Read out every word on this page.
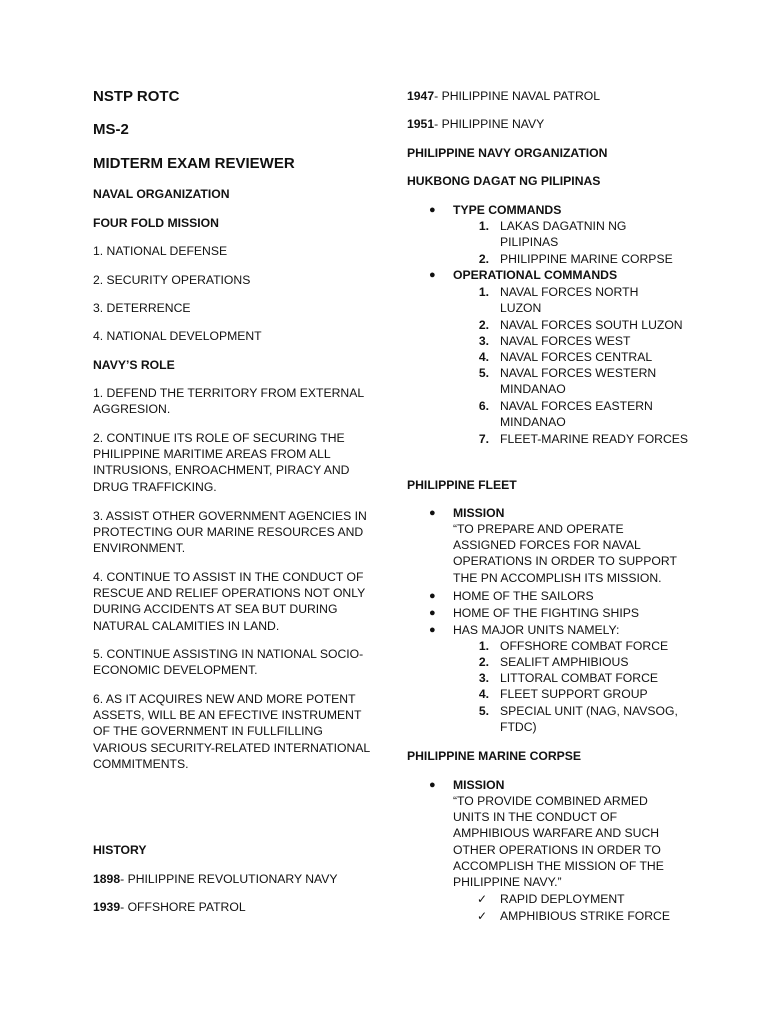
NSTP ROTC
MS-2
MIDTERM EXAM REVIEWER
NAVAL ORGANIZATION
FOUR FOLD MISSION
1. NATIONAL DEFENSE
2. SECURITY OPERATIONS
3. DETERRENCE
4. NATIONAL DEVELOPMENT
NAVY’S ROLE
1. DEFEND THE TERRITORY FROM EXTERNAL
AGGRESION.
2. CONTINUE ITS ROLE OF SECURING THE
PHILIPPINE MARITIME AREAS FROM ALL
INTRUSIONS, ENROACHMENT, PIRACY AND
DRUG TRAFFICKING.
3. ASSIST OTHER GOVERNMENT AGENCIES IN
PROTECTING OUR MARINE RESOURCES AND
ENVIRONMENT.
4. CONTINUE TO ASSIST IN THE CONDUCT OF
RESCUE AND RELIEF OPERATIONS NOT ONLY
DURING ACCIDENTS AT SEA BUT DURING
NATURAL CALAMITIES IN LAND.
5. CONTINUE ASSISTING IN NATIONAL SOCIO-
ECONOMIC DEVELOPMENT.
6. AS IT ACQUIRES NEW AND MORE POTENT
ASSETS, WILL BE AN EFECTIVE INSTRUMENT
OF THE GOVERNMENT IN FULLFILLING
VARIOUS SECURITY-RELATED INTERNATIONAL
COMMITMENTS.
HISTORY
1898- PHILIPPINE REVOLUTIONARY NAVY
1939- OFFSHORE PATROL
1947- PHILIPPINE NAVAL PATROL
1951- PHILIPPINE NAVY
PHILIPPINE NAVY ORGANIZATION
HUKBONG DAGAT NG PILIPINAS
● TYPE COMMANDS
1. LAKAS DAGATNIN NG
PILIPINAS
2. PHILIPPINE MARINE CORPSE
● OPERATIONAL COMMANDS
1. NAVAL FORCES NORTH
LUZON
2. NAVAL FORCES SOUTH LUZON
3. NAVAL FORCES WEST
4. NAVAL FORCES CENTRAL
5. NAVAL FORCES WESTERN
MINDANAO
6. NAVAL FORCES EASTERN
MINDANAO
7. FLEET-MARINE READY FORCES
PHILIPPINE FLEET
● MISSION
“TO PREPARE AND OPERATE
ASSIGNED FORCES FOR NAVAL
OPERATIONS IN ORDER TO SUPPORT
THE PN ACCOMPLISH ITS MISSION.
● HOME OF THE SAILORS
● HOME OF THE FIGHTING SHIPS
● HAS MAJOR UNITS NAMELY:
1. OFFSHORE COMBAT FORCE
2. SEALIFT AMPHIBIOUS
3. LITTORAL COMBAT FORCE
4. FLEET SUPPORT GROUP
5. SPECIAL UNIT (NAG, NAVSOG,
FTDC)
PHILIPPINE MARINE CORPSE
● MISSION
“TO PROVIDE COMBINED ARMED
UNITS IN THE CONDUCT OF
AMPHIBIOUS WARFARE AND SUCH
OTHER OPERATIONS IN ORDER TO
ACCOMPLISH THE MISSION OF THE
PHILIPPINE NAVY.”
✓ RAPID DEPLOYMENT
✓ AMPHIBIOUS STRIKE FORCE
